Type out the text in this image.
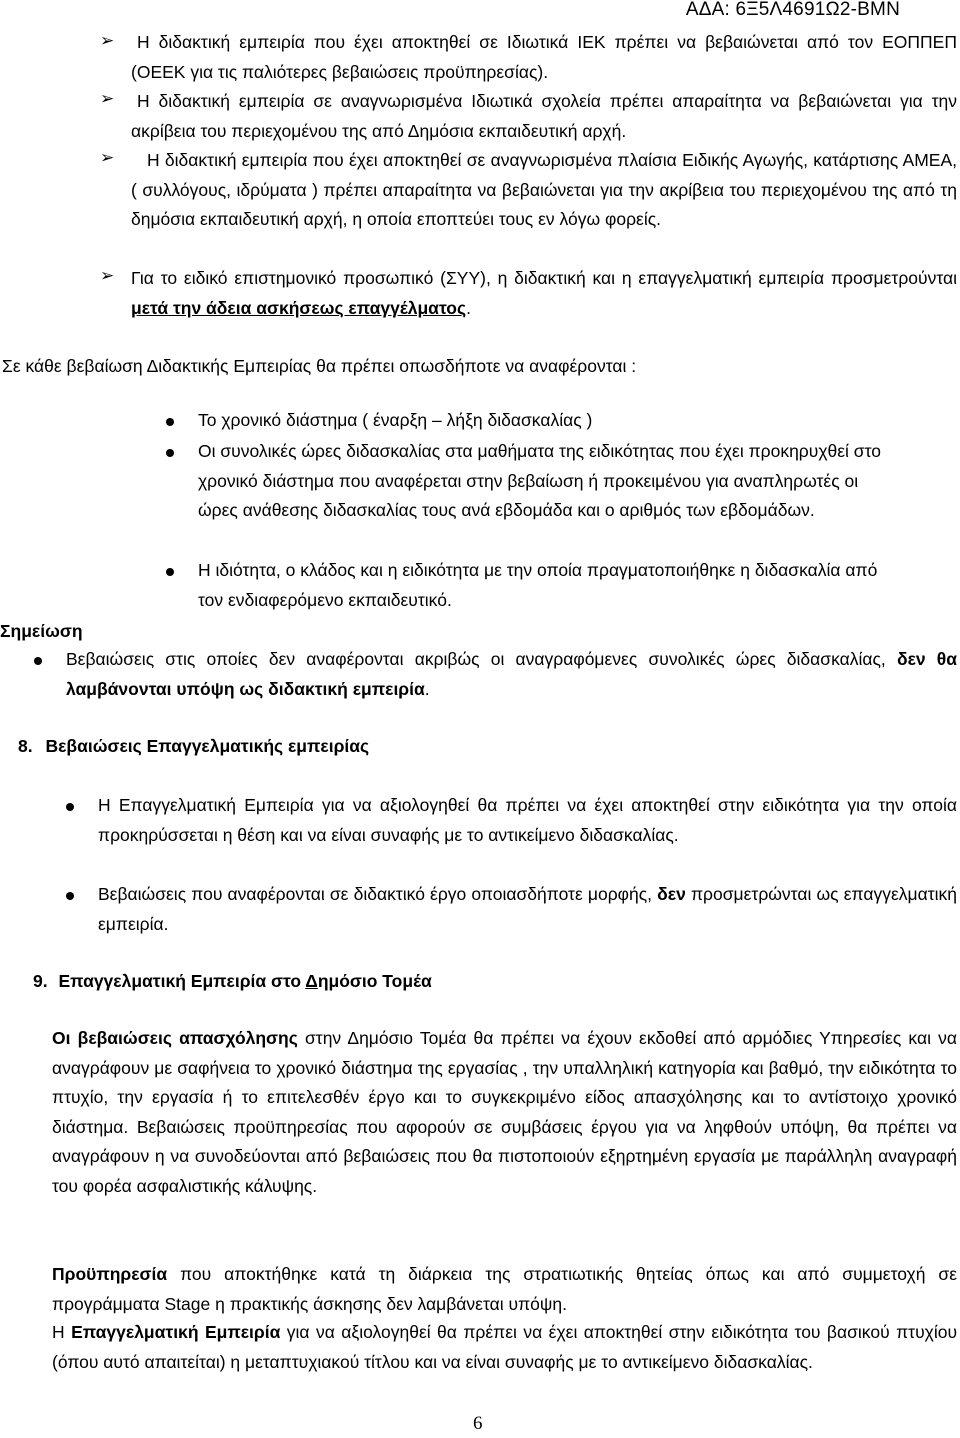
ΑΔΑ: 6Ξ5Λ4691Ω2-ΒΜΝ
➢	Η διδακτική εμπειρία που έχει αποκτηθεί σε Ιδιωτικά ΙΕΚ πρέπει να βεβαιώνεται από τον ΕΟΠΠΕΠ (ΟΕΕΚ για τις παλιότερες βεβαιώσεις προϋπηρεσίας).
➢	Η διδακτική εμπειρία σε αναγνωρισμένα Ιδιωτικά σχολεία πρέπει απαραίτητα να βεβαιώνεται για την ακρίβεια του περιεχομένου της από Δημόσια εκπαιδευτική αρχή.
➢	Η διδακτική εμπειρία που έχει αποκτηθεί σε αναγνωρισμένα πλαίσια Ειδικής Αγωγής, κατάρτισης ΑΜΕΑ, ( συλλόγους, ιδρύματα ) πρέπει απαραίτητα να βεβαιώνεται για την ακρίβεια του περιεχομένου της από τη δημόσια εκπαιδευτική αρχή, η οποία εποπτεύει τους εν λόγω φορείς.
➢ Για το ειδικό επιστημονικό προσωπικό (ΣΥΥ), η διδακτική και η επαγγελματική εμπειρία προσμετρούνται μετά την άδεια ασκήσεως επαγγέλματος.
Σε κάθε βεβαίωση Διδακτικής Εμπειρίας θα πρέπει οπωσδήποτε να αναφέρονται :
Το χρονικό διάστημα ( έναρξη – λήξη διδασκαλίας )
Οι συνολικές ώρες διδασκαλίας στα μαθήματα της ειδικότητας που έχει προκηρυχθεί στο χρονικό διάστημα που αναφέρεται στην βεβαίωση ή προκειμένου για αναπληρωτές οι ώρες ανάθεσης διδασκαλίας τους ανά εβδομάδα και ο αριθμός των εβδομάδων.
Η ιδιότητα, ο κλάδος και η ειδικότητα με την οποία πραγματοποιήθηκε η διδασκαλία από τον ενδιαφερόμενο εκπαιδευτικό.
Σημείωση
Βεβαιώσεις στις οποίες δεν αναφέρονται ακριβώς οι αναγραφόμενες συνολικές ώρες διδασκαλίας, δεν θα λαμβάνονται υπόψη ως διδακτική εμπειρία.
8. Βεβαιώσεις Επαγγελματικής εμπειρίας
Η Επαγγελματική Εμπειρία για να αξιολογηθεί θα πρέπει να έχει αποκτηθεί στην ειδικότητα για την οποία προκηρύσσεται η θέση και να είναι συναφής με το αντικείμενο διδασκαλίας.
Βεβαιώσεις που αναφέρονται σε διδακτικό έργο οποιασδήποτε μορφής, δεν προσμετρώνται ως επαγγελματική εμπειρία.
9. Επαγγελματική Εμπειρία στο Δημόσιο Τομέα
Οι βεβαιώσεις απασχόλησης στην Δημόσιο Τομέα θα πρέπει να έχουν εκδοθεί από αρμόδιες Υπηρεσίες και να αναγράφουν με σαφήνεια το χρονικό διάστημα της εργασίας , την υπαλληλική κατηγορία και βαθμό, την ειδικότητα το πτυχίο, την εργασία ή το επιτελεσθέν έργο και το συγκεκριμένο είδος απασχόλησης και το αντίστοιχο χρονικό διάστημα. Βεβαιώσεις προϋπηρεσίας που αφορούν σε συμβάσεις έργου για να ληφθούν υπόψη, θα πρέπει να αναγράφουν η να συνοδεύονται από βεβαιώσεις που θα πιστοποιούν εξηρτημένη εργασία με παράλληλη αναγραφή του φορέα ασφαλιστικής κάλυψης.
Προϋπηρεσία που αποκτήθηκε κατά τη διάρκεια της στρατιωτικής θητείας όπως και από συμμετοχή σε προγράμματα Stage η πρακτικής άσκησης δεν λαμβάνεται υπόψη.
Η Επαγγελματική Εμπειρία για να αξιολογηθεί θα πρέπει να έχει αποκτηθεί στην ειδικότητα του βασικού πτυχίου (όπου αυτό απαιτείται) η μεταπτυχιακού τίτλου και να είναι συναφής με το αντικείμενο διδασκαλίας.
6
